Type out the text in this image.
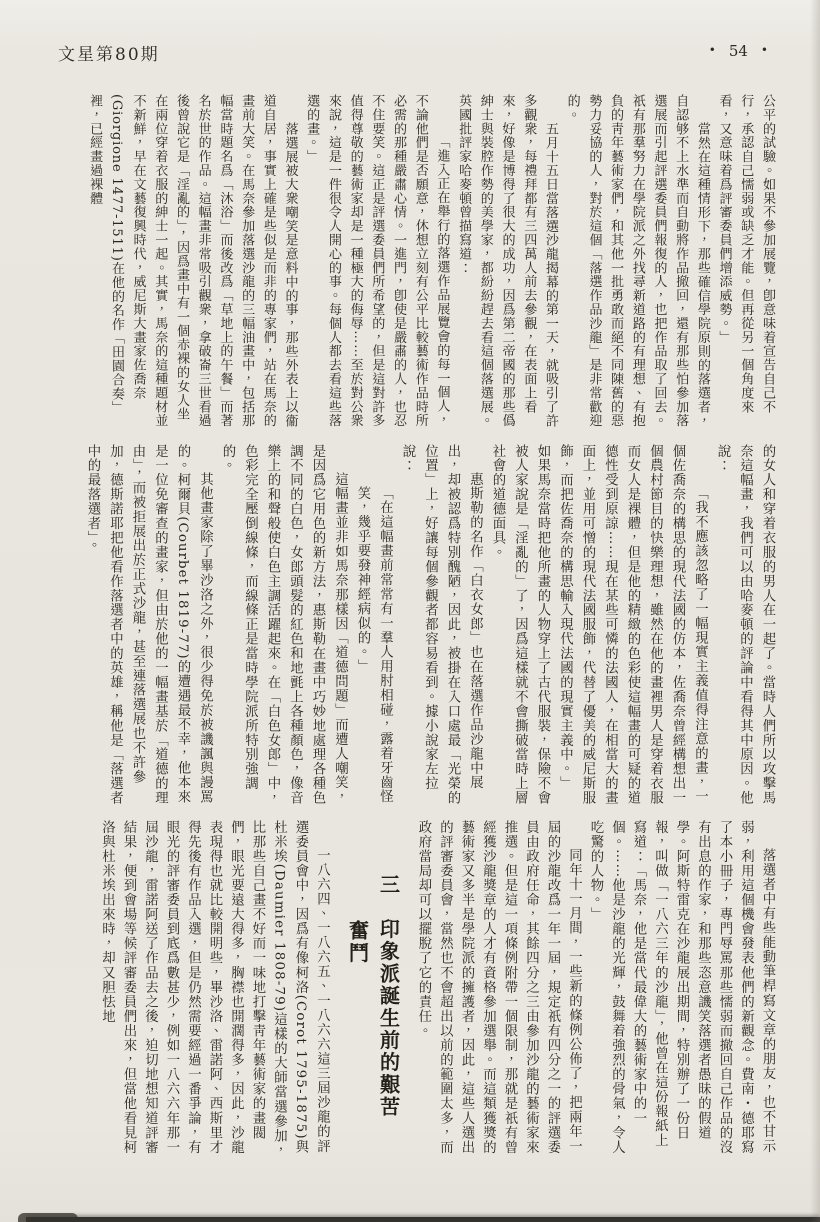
文星第80期	• 54 •

公平的試驗。如果不參加展覽，卽意味着宣告自己不行，承認自己懦弱或缺乏才能。但再從另一個角度來看，又意味着爲評審委員們增添威勢。」

當然在這種情形下，那些確信學院原則的落選者，自認够不上水準而自動將作品撤回，還有那些怕參加落選展而引起評選委員們報復的人，也把作品取了回去。祇有那羣努力在學院派之外找尋新道路的有理想、有抱負的靑年藝術家們，和其他一批勇敢而絕不同陳舊的惡勢力妥協的人，對於這個「落選作品沙龍」是非常歡迎的。

五月十五日當落選沙龍揭幕的第一天，就吸引了許多觀衆，每禮拜都有三四萬人前去參觀，在表面上看來，好像是博得了很大的成功，因爲第二帝國的那些僞紳士與裝腔作勢的美學家，都紛紛趕去看這個落選展。英國批評家哈麥頓曾描寫道：

「進入正在舉行的落選作品展覽會的每一個人，不論他們是否願意，休想立刻有公平比較藝術作品時所必需的那種嚴肅心情。一進門，卽使是嚴肅的人，也忍不住要笑。這正是評選委員們所希望的，但是這對許多值得尊敬的藝術家却是一種極大的侮辱⋯⋯至於對公衆來說，這是一件很令人開心的事。每個人都去看這些落選的畫。」

落選展被大衆嘲笑是意料中的事，那些外表上以衞道自居，事實上確是些似是而非的專家們，站在馬奈的畫前大笑。在馬奈參加落選沙龍的三幅油畫中，包括那幅當時題名爲「沐浴」而後改爲「草地上的午餐」而著名於世的作品。這幅畫非常吸引觀衆，拿破崙三世看過後曾說它是「淫亂的」，因爲畫中有一個赤裸的女人坐在兩位穿着衣服的紳士一起。其實，馬奈的這種題材並不新鮮，早在文藝復興時代，威尼斯大畫家佐喬奈(Giorgione 1477-1511)在他的名作「田園合奏」裡，已經畫過裸體

的女人和穿着衣服的男人在一起了。當時人們所以攻擊馬奈這幅畫，我們可以由哈麥頓的評論中看得其中原因。他說：

「我不應該忽略了一幅現實主義值得注意的畫，一個佐喬奈的構思的現代法國的仿本，佐喬奈曾經構想出一個農村節目的快樂理想，雖然在他的畫裡男人是穿着衣服而女人是裸體，但是他的精緻的色彩使這幅畫的可疑的道德性受到原諒⋯⋯現在某些可憐的法國人，在相當大的畫面上，並用可憎的現代法國服飾，代替了優美的威尼斯服飾，而把佐喬奈的構思輸入現代法國的現實主義中。」

如果馬奈當時把他所畫的人物穿上了古代服裝，保險不會被人家說是「淫亂的」了，因爲這樣就不會撕破當時上層社會的道德面具。

惠斯勒的名作「白衣女郎」也在落選作品沙龍中展出，却被認爲特別醜陋，因此，被掛在入口處最「光榮的位置」上，好讓每個參觀者都容易看到。據小說家左拉說：

「在這幅畫前常常有一羣人用肘相碰，露着牙齒怪笑，幾乎要發神經病似的。」

這幅畫並非如馬奈那樣因「道德問題」而遭人嘲笑，是因爲它用色的新方法，惠斯勒在畫中巧妙地處理各種色調不同的白色，女郎頭髮的紅色和地氈上各種顏色，像音樂上的和聲般使白色主調活躍起來。在「白色女郎」中，色彩完全壓倒線條，而線條正是當時學院派所特別強調的。

其他畫家除了畢沙洛之外，很少得免於被譏諷與謾罵的。柯爾貝(Courbet 1819-77)的遭遇最不幸，他本來是一位免審查的畫家，但由於他的一幅畫基於「道德的理由」，而被拒展出於正式沙龍，甚至連落選展也不許參加，德斯諾耶把他看作落選者中的英雄，稱他是「落選者中的最落選者」。

落選者中有些能動筆桿寫文章的朋友，也不甘示弱，利用這個機會發表他們的新觀念。費南・德耶寫了本小冊子，專門辱罵那些懦弱而撤回自己作品的沒有出息的作家，和那些恣意譏笑落選者愚昧的假道學。阿斯特雷克在沙龍展出期間，特別辦了一份日報，叫做「一八六三年的沙龍」，他曾在這份報紙上寫道：「馬奈，他是當代最偉大的藝術家中的一個。⋯⋯他是沙龍的光輝，鼓舞着強烈的骨氣，令人吃驚的人物。」

同年十一月間，一些新的條例公佈了，把兩年一屆的沙龍改爲一年一屆，規定祇有四分之一的評選委員由政府任命，其餘四分之三由參加沙龍的藝術家來推選。但是這一項條例附帶一個限制，那就是祇有曾經獲沙龍獎章的人才有資格參加選舉。而這類獲獎的藝術家又多半是學院派的擁護者，因此，這些人選出的評審委員會，當然也不會超出以前的範圍太多，而政府當局却可以擺脫了它的責任。

三　印象派誕生前的艱苦
奮鬥

一八六四、一八六五、一八六六這三屆沙龍的評選委員會中，因爲有像柯洛(Corot 1795-1875)與杜米埃(Daumier 1808-79)這樣的大師當選參加，比那些自己畫不好而一味地打擊靑年藝術家的畫閥們，眼光要遠大得多，胸襟也開濶得多，因此，沙龍表現得也就比較開明些，畢沙洛、雷諾阿、西斯里才得先後有作品入選，但是仍然需要經過一番爭論，有眼光的評審委員到底爲數甚少，例如一八六六年那一屆沙龍，雷諾阿送了作品去之後，迫切地想知道評審結果，便到會場等候評審委員們出來，但當他看見柯洛與杜米埃出來時，却又胆怯地
